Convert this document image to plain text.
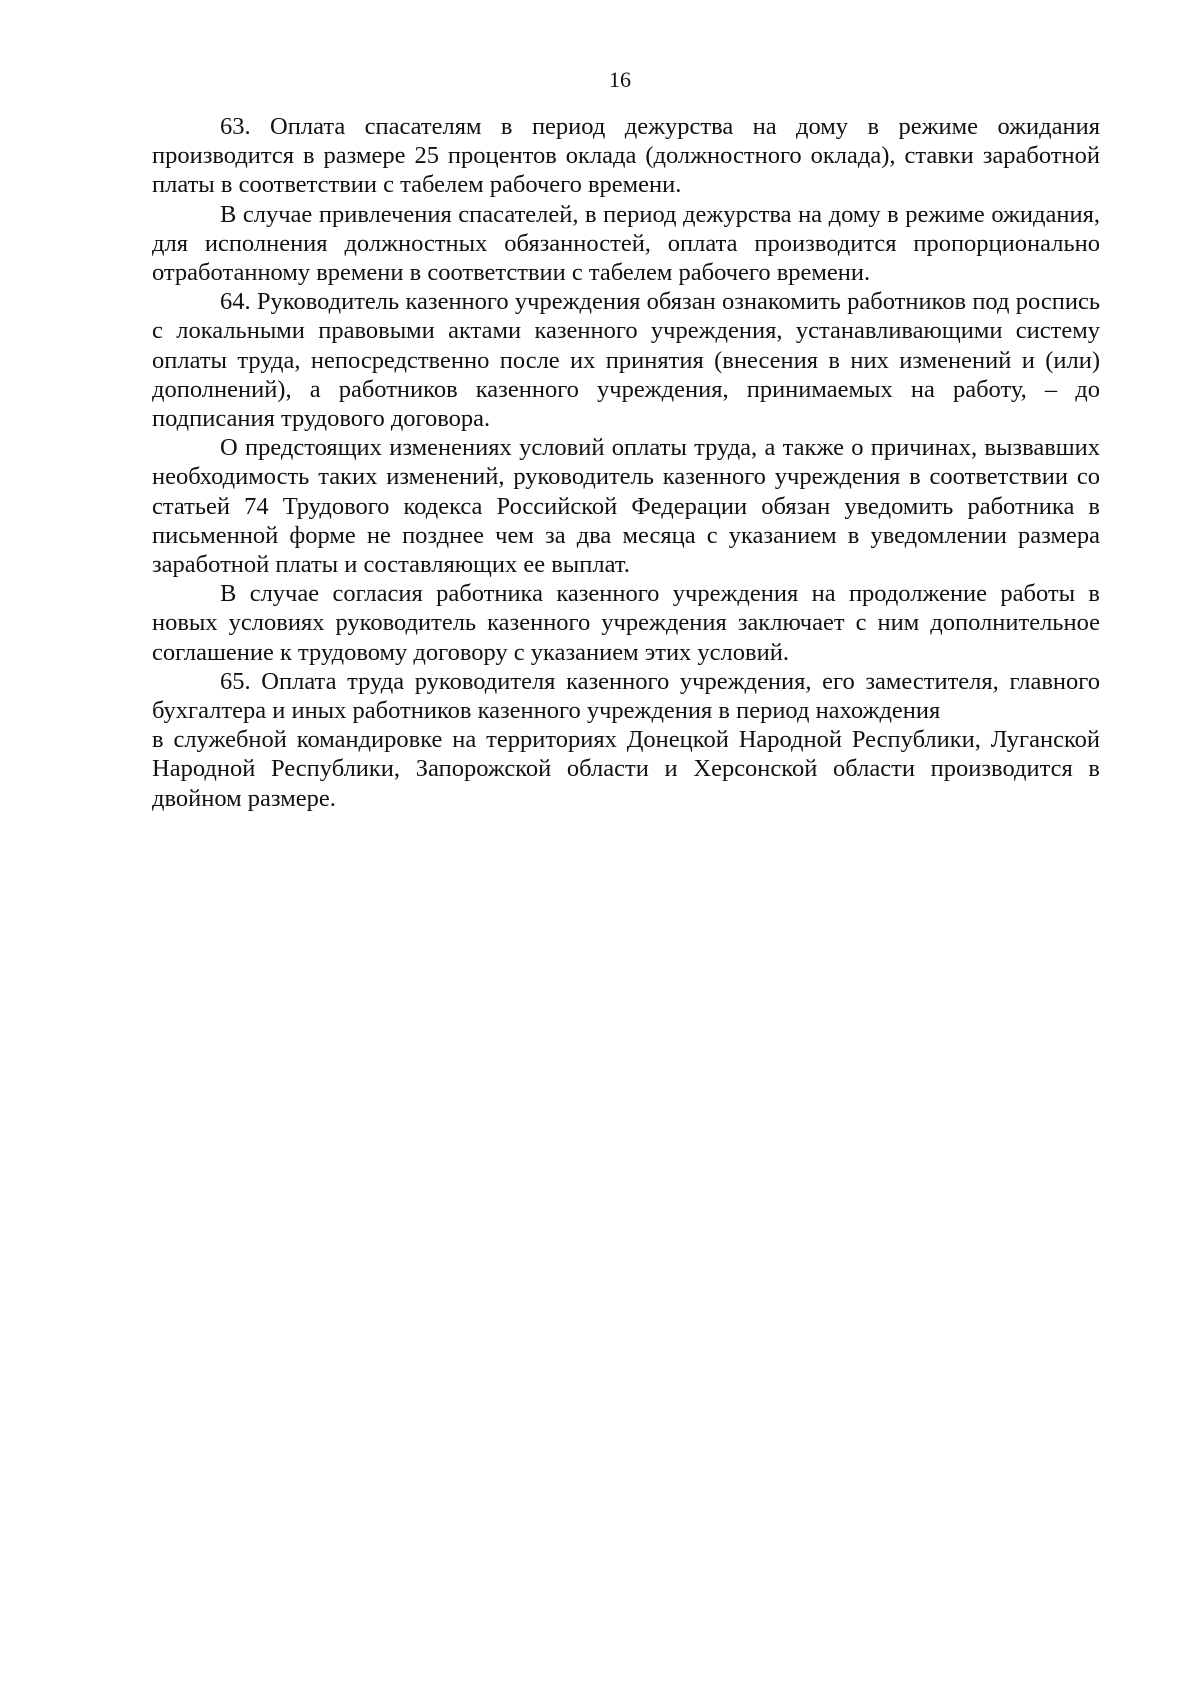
16

63. Оплата спасателям в период дежурства на дому в режиме ожидания производится в размере 25 процентов оклада (должностного оклада), ставки заработной платы в соответствии с табелем рабочего времени.

В случае привлечения спасателей, в период дежурства на дому в режиме ожидания, для исполнения должностных обязанностей, оплата производится пропорционально отработанному времени в соответствии с табелем рабочего времени.

64. Руководитель казенного учреждения обязан ознакомить работников под роспись с локальными правовыми актами казенного учреждения, устанавливающими систему оплаты труда, непосредственно после их принятия (внесения в них изменений и (или) дополнений), а работников казенного учреждения, принимаемых на работу, – до подписания трудового договора.

О предстоящих изменениях условий оплаты труда, а также о причинах, вызвавших необходимость таких изменений, руководитель казенного учреждения в соответствии со статьей 74 Трудового кодекса Российской Федерации обязан уведомить работника в письменной форме не позднее чем за два месяца с указанием в уведомлении размера заработной платы и составляющих ее выплат.

В случае согласия работника казенного учреждения на продолжение работы в новых условиях руководитель казенного учреждения заключает с ним дополнительное соглашение к трудовому договору с указанием этих условий.

65. Оплата труда руководителя казенного учреждения, его заместителя, главного бухгалтера и иных работников казенного учреждения в период нахождения

в служебной командировке на территориях Донецкой Народной Республики, Луганской Народной Республики, Запорожской области и Херсонской области производится в двойном размере.
